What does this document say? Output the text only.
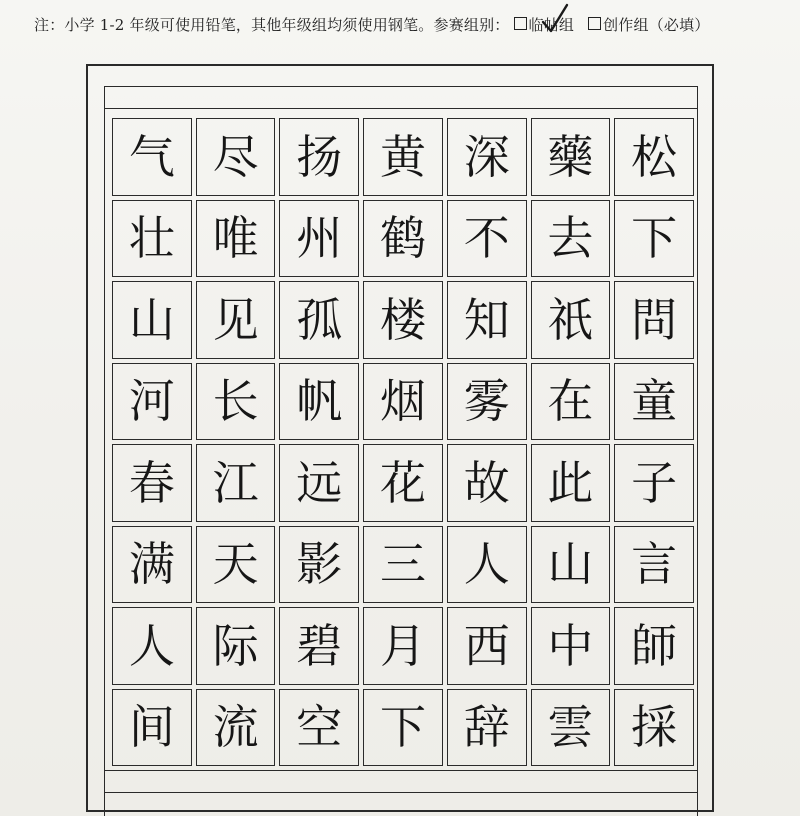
注：小学 1-2 年级可使用铅笔，其他年级组均须使用钢笔。参赛组别： 临帖组 创作组（必填）
气 尽 扬 黄 深 藥 松
壮 唯 州 鹤 不 去 下
山 见 孤 楼 知 祇 問
河 长 帆 烟 雾 在 童
春 江 远 花 故 此 子
满 天 影 三 人 山 言
人 际 碧 月 西 中 師
间 流 空 下 辞 雲 採
